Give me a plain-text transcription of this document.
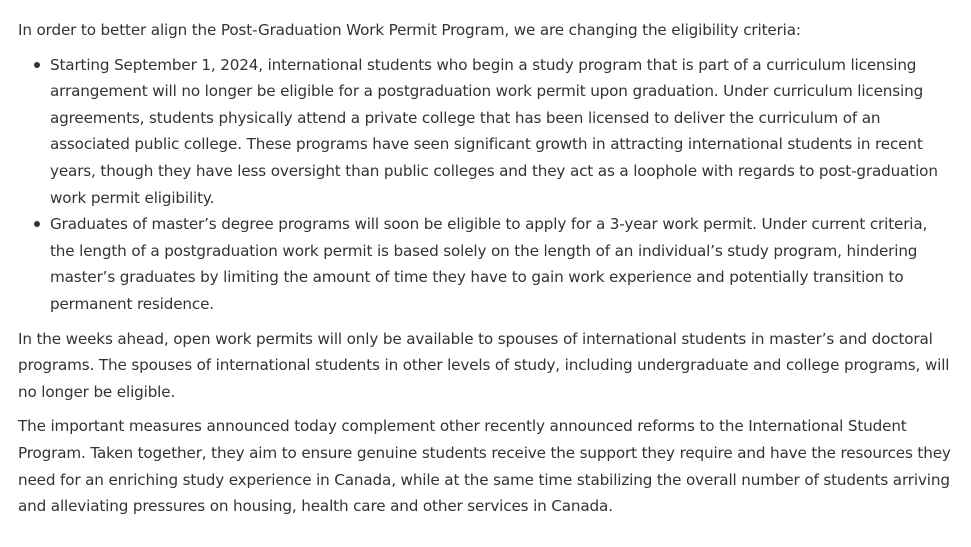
In order to better align the Post-Graduation Work Permit Program, we are changing the eligibility criteria:

Starting September 1, 2024, international students who begin a study program that is part of a curriculum licensing arrangement will no longer be eligible for a postgraduation work permit upon graduation. Under curriculum licensing agreements, students physically attend a private college that has been licensed to deliver the curriculum of an associated public college. These programs have seen significant growth in attracting international students in recent years, though they have less oversight than public colleges and they act as a loophole with regards to post-graduation work permit eligibility.
Graduates of master’s degree programs will soon be eligible to apply for a 3-year work permit. Under current criteria, the length of a postgraduation work permit is based solely on the length of an individual’s study program, hindering master’s graduates by limiting the amount of time they have to gain work experience and potentially transition to permanent residence.

In the weeks ahead, open work permits will only be available to spouses of international students in master’s and doctoral programs. The spouses of international students in other levels of study, including undergraduate and college programs, will no longer be eligible.

The important measures announced today complement other recently announced reforms to the International Student Program. Taken together, they aim to ensure genuine students receive the support they require and have the resources they need for an enriching study experience in Canada, while at the same time stabilizing the overall number of students arriving and alleviating pressures on housing, health care and other services in Canada.
